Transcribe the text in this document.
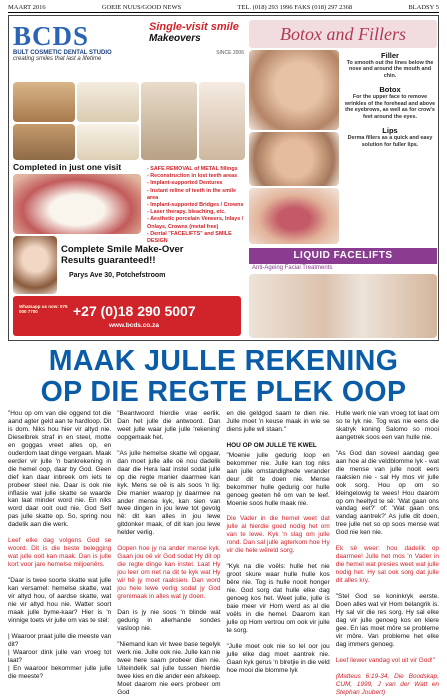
MAART 2016	GOEIE NUUS/GOOD NEWS	TEL. (018) 293 1996 FAKS (018) 297 2368	BLADSY 5
BCDS
BULT COSMETIC DENTAL STUDIO
creating smiles that last a lifetime
Single-visit smile
Makeovers
SINCE 2006
Botox and Fillers
Completed in just one visit	- SAFE REMOVAL of METAL fillings
- Reconstruction in lost teeth areas
- Implant-supported Dentures
- Instant reline of teeth in the smile
area
- Implant-supported Bridges / Crowns
- Laser therapy, bleaching, etc.
- Aesthetic porcelain Veneers, Inlays /
Onlays, Crowns (metal free)
- Dental "FACELIFTS" and SMILE
DESIGN
Filler
To smooth out the lines below the nose and around the mouth and chin.
Botox
For the upper face to remove wrinkles of the forehead and above the eyebrows, as well as for crow's feet around the eyes.
Lips
Derma fillers as a quick and easy solution for fuller lips.
LIQUID FACELIFTS
Anti-Ageing Facial Treatments
Complete Smile Make-Over
Results guaranteed!!
Parys Ave 30, Potchefstroom
Whatsapp us now: 076 000 7700	+27 (0)18 290 5007
www.bcds.co.za
MAAK JULLE REKENING
OP DIE REGTE PLEK OOP

"Hou op om van die oggend tot die aand agter geld aan te hardloop. Dit is dom. Niks hou hier vir altyd nie. Dieselbrek straf in en steel, motte en goggas vreet alles op, en ouderdom laat dinge vergaan. Maak eerder vir julle 'n bankrekening in die hemel oop, daar by God. Geen dief kan daar inbreek om iets te probeer steel nie. Daar is ook nie inflasie wat julle skatte se waarde kan laat minder word nie. En niks word daar ooit oud nie. God Self pas julle skatte op. So, spring nou dadelik aan die werk.

Leef elke dag volgens God se woord. Dit is die beste belegging wat julle ooit kan maak. Dan is julle kort voor jare hemelse miljoenêrs.

"Daar is twee soorte skatte wat julle kan versamel: hemelse skatte, wat vir altyd hou, of aardse skatte, wat nie vir altyd hou nie. Watter soort maak julle byme-kaar? Hier is 'n vinnige toets vir julle om vas te stel:

| Waaroor praat julle die meeste van dit?

| Waaroor dink julle van vroeg tot laat?

| En waaroor bekommer julle julle die meeste?

"Beantwoord hierdie vrae eerlik. Dan het julle die antwoord. Dan weet julle waar julle julle 'rekening' oopgemaak het.

"As julle hemelse skatte wil opgaar, dan moet julle alle oë nou dadelik daar die Hera laat instel sodat julle op die regte manier daarmee kan kyk. Mens se oë is als soos 'n lig. Die manier waarop jy daarmee na ander mense kyk, kan sien van twee dingen in jou lewe tot gevolg hê: dit kan alles in jou lewe gitdonker maak, of dit kan jou lewe helder verlig.

Oopen hoe jy na ander mense kyk. Gaan jou oë vir God sodat Hy dit op die regte dinge kan instel. Laat Hy jou leer om net na dit te kyk wat Hy wil hê jy moet raaksien. Dan word jou hele lewe verlig sodat jy God grenimaak in alles wat jy doen.

Dan is jy nie soos 'n blinde wat gedurig in allerhande sondes vasloop nie.

"Niemand kan vir twee base tegelyk werk nie. Julle ook nie. Julle kan nie twee here saam probeer dien nie. Uiteindelik sal julle tussen hierdie twee kies en die ander een afskeep. Moet daarom nie eers probeer om God

en die geldgod saam te dien nie. Julle moet 'n keuse maak in wie se diens julle wil staan."

HOU OP OM JULLE TE KWEL

"Moenie julle gedurig loop en bekommer nie. Julle kan tog niks aan julle omstandighede verander deur dit te doen nie. Mense bekommer hulle gedurig oor hulle genoeg geeten hê om van te leef. Moenie soos hulle maak nie.

Die Vader in die hemel weet dat julle al hierdie goed nodig het om van te lewe. Kyk 'n slag om julle rond. Dan sal julle agterkom hoe Hy vir die hele wêreld sorg.

"Kyk na die voëls: hulle het nie groot skure waar hulle hulle kos bêre nie. Tog is hulle nooit honger nie. God sorg dat hulle elke dag genoeg kos het. Weet julle, julle is baie meer vir Hom werd as al die voëls in die hemel. Daarom kan julle op Hom vertrou om ook vir julle te sorg.

"Julle moet ook nie so lel oor jou julle elke dag moet aantrek nie. Gaan kyk gerus 'n blretjie in die veld hoe mooi die blomme lyk

Hulle werk nie van vroeg tot laat om so te lyk nie. Tog was nie eens die skatryk koning Salomo so mooi aangetrek soos een van hulle nie.

"As God dan soveel aandag gee aan hoe al die veldblomme lyk - wat die mense van julle nooit eers raaksien nie - sal Hy mos vir julle ook sorg. Hou op om so kleingelowig te wees! Hou daarom op om heeltyd te sê: 'Wat gaan ons vandag eet?' of: 'Wat gaan ons vandag aantrek?' As julle dit doen, tree julle net so op soos mense wat God nie ken nie.

Ek sê weer: hou dadelik op daarmee! Julle het mos 'n Vader in die hemel wat presies weet wat julle nodig het. Hy sal ook sorg dat julle dit alles kry.

"Stel God se koninkryk eerste. Doen alles wat vir Hom belangrik is. Hy sal vir die res sorg. Hy sal elke dag vir julle genoeg kos en klere gee. En las moet môre se probleme vir môre. Van probleme het elke dag immers genoeg.

Leef liewer vandag vol uit vir God!"

(Matteus 6:19-34, Die Boodskap, CUM, 1999, J van der Watt en Stephan Joubert)
